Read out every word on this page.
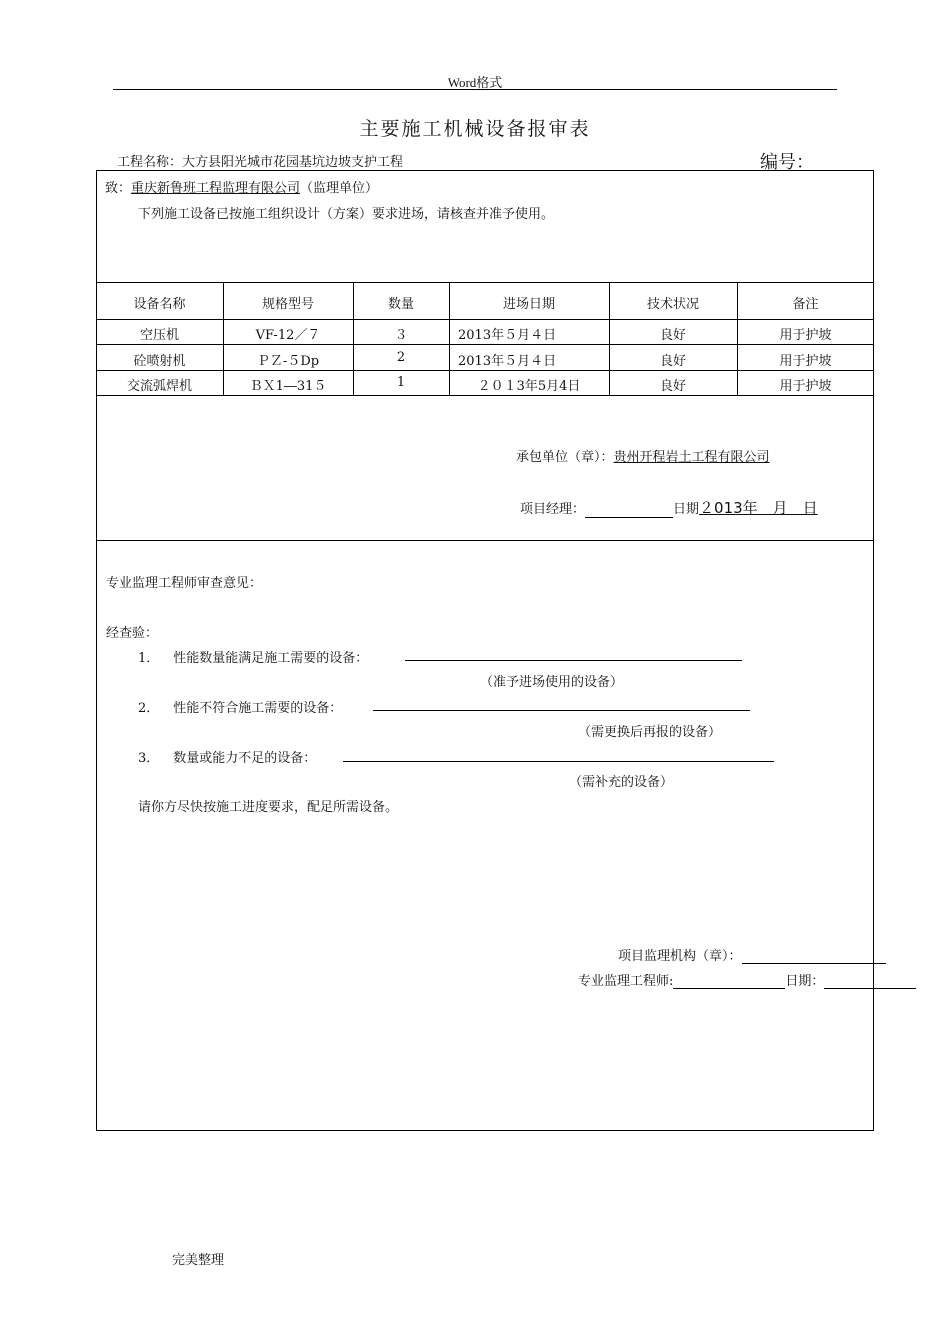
Word格式
主要施工机械设备报审表
工程名称：大方县阳光城市花园基坑边坡支护工程	编号：
致：重庆新鲁班工程监理有限公司（监理单位）
下列施工设备已按施工组织设计（方案）要求进场，请核查并准予使用。
设备名称	规格型号	数量	进场日期	技术状况	备注
空压机	VF-12／７	３	2013年５月４日	良好	用于护坡
砼喷射机	ＰＺ-５Dp	2	2013年５月４日	良好	用于护坡
交流弧焊机	ＢＸ1―31５	1	２０１3年5月4日	良好	用于护坡
承包单位（章）：贵州开程岩土工程有限公司
项目经理：	日期２013年　月　日
专业监理工程师审查意见：
经查验：
1． 性能数量能满足施工需要的设备：
（准予进场使用的设备）
2． 性能不符合施工需要的设备：
（需更换后再报的设备）
3． 数量或能力不足的设备：
（需补充的设备）
请你方尽快按施工进度要求，配足所需设备。
项目监理机构（章）：
专业监理工程师:	日期：
完美整理
